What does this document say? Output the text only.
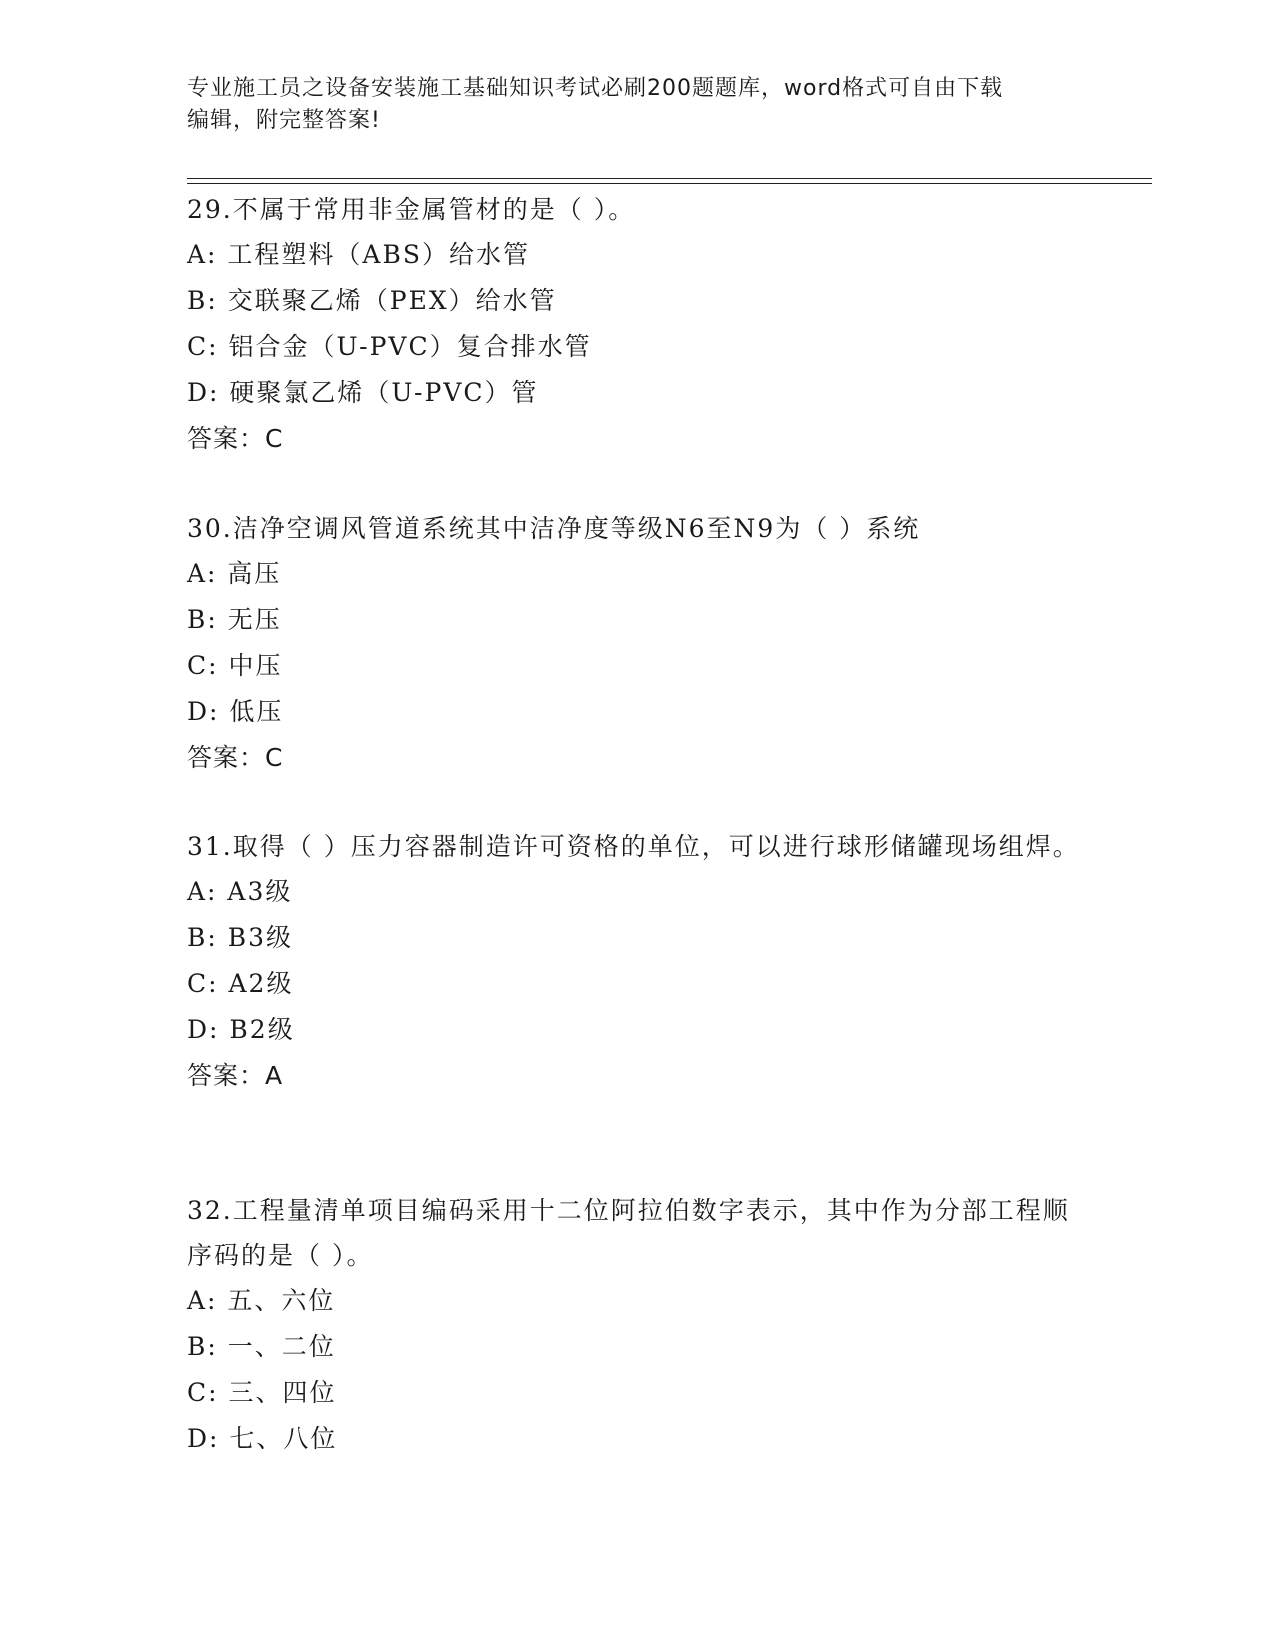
专业施工员之设备安装施工基础知识考试必刷200题题库，word格式可自由下载
编辑，附完整答案!
29.不属于常用非金属管材的是（ ）。
A: 工程塑料（ABS）给水管
B: 交联聚乙烯（PEX）给水管
C: 铝合金（U-PVC）复合排水管
D: 硬聚氯乙烯（U-PVC）管
答案：C
30.洁净空调风管道系统其中洁净度等级N6至N9为（ ）系统
A: 高压
B: 无压
C: 中压
D: 低压
答案：C
31.取得（ ）压力容器制造许可资格的单位，可以进行球形储罐现场组焊。
A: A3级
B: B3级
C: A2级
D: B2级
答案：A
32.工程量清单项目编码采用十二位阿拉伯数字表示，其中作为分部工程顺序码的是（ ）。
A: 五、六位
B: 一、二位
C: 三、四位
D: 七、八位
